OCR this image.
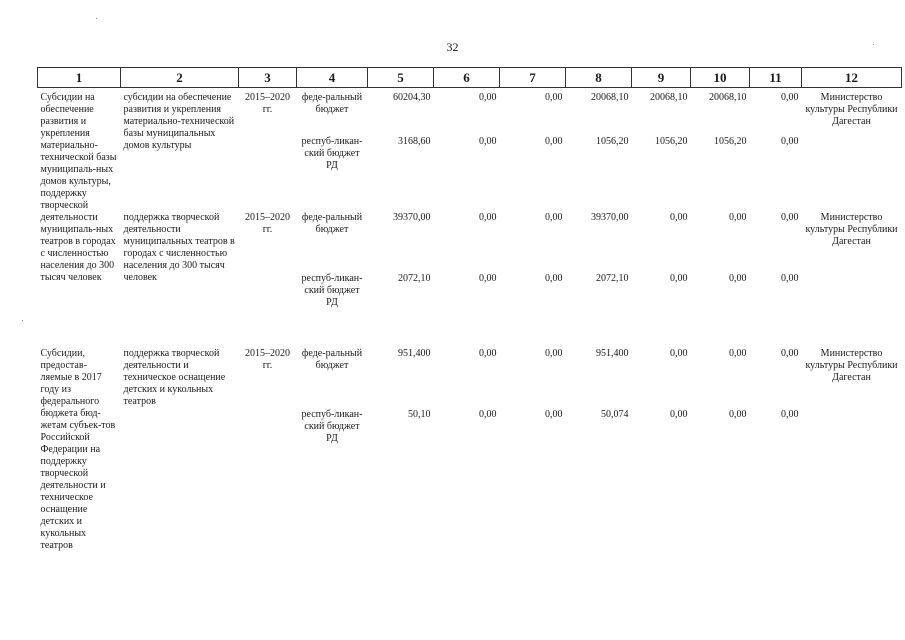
32
1	2	3	4	5	6	7	8	9	10	11	12
Субсидии на обеспечение развития и укрепления материально-технической базы муниципаль-ных домов культуры, поддержку творческой деятельности муниципаль-ных театров в городах с численностью населения до 300 тысяч человек	субсидии на обеспечение развития и укрепления материально-технической базы муниципальных домов культуры	2015–2020 гг.	феде-ральный бюджет	60204,30	0,00	0,00	20068,10	20068,10	20068,10	0,00	Министерство культуры Республики Дагестан
			респуб-ликан-ский бюджет РД	3168,60	0,00	0,00	1056,20	1056,20	1056,20	0,00	
	поддержка творческой деятельности муниципальных театров в городах с численностью населения до 300 тысяч человек	2015–2020 гг.	феде-ральный бюджет	39370,00	0,00	0,00	39370,00	0,00	0,00	0,00	Министерство культуры Республики Дагестан
			респуб-ликан-ский бюджет РД	2072,10	0,00	0,00	2072,10	0,00	0,00	0,00	
Субсидии, предостав-ляемые в 2017 году из федерального бюджета бюд-жетам субъек-тов Российской Федерации на поддержку творческой деятельности и техническое оснащение детских и кукольных театров	поддержка творческой деятельности и техническое оснащение детских и кукольных театров	2015–2020 гг.	феде-ральный бюджет	951,400	0,00	0,00	951,400	0,00	0,00	0,00	Министерство культуры Республики Дагестан
			респуб-ликан-ский бюджет РД	50,10	0,00	0,00	50,074	0,00	0,00	0,00	
